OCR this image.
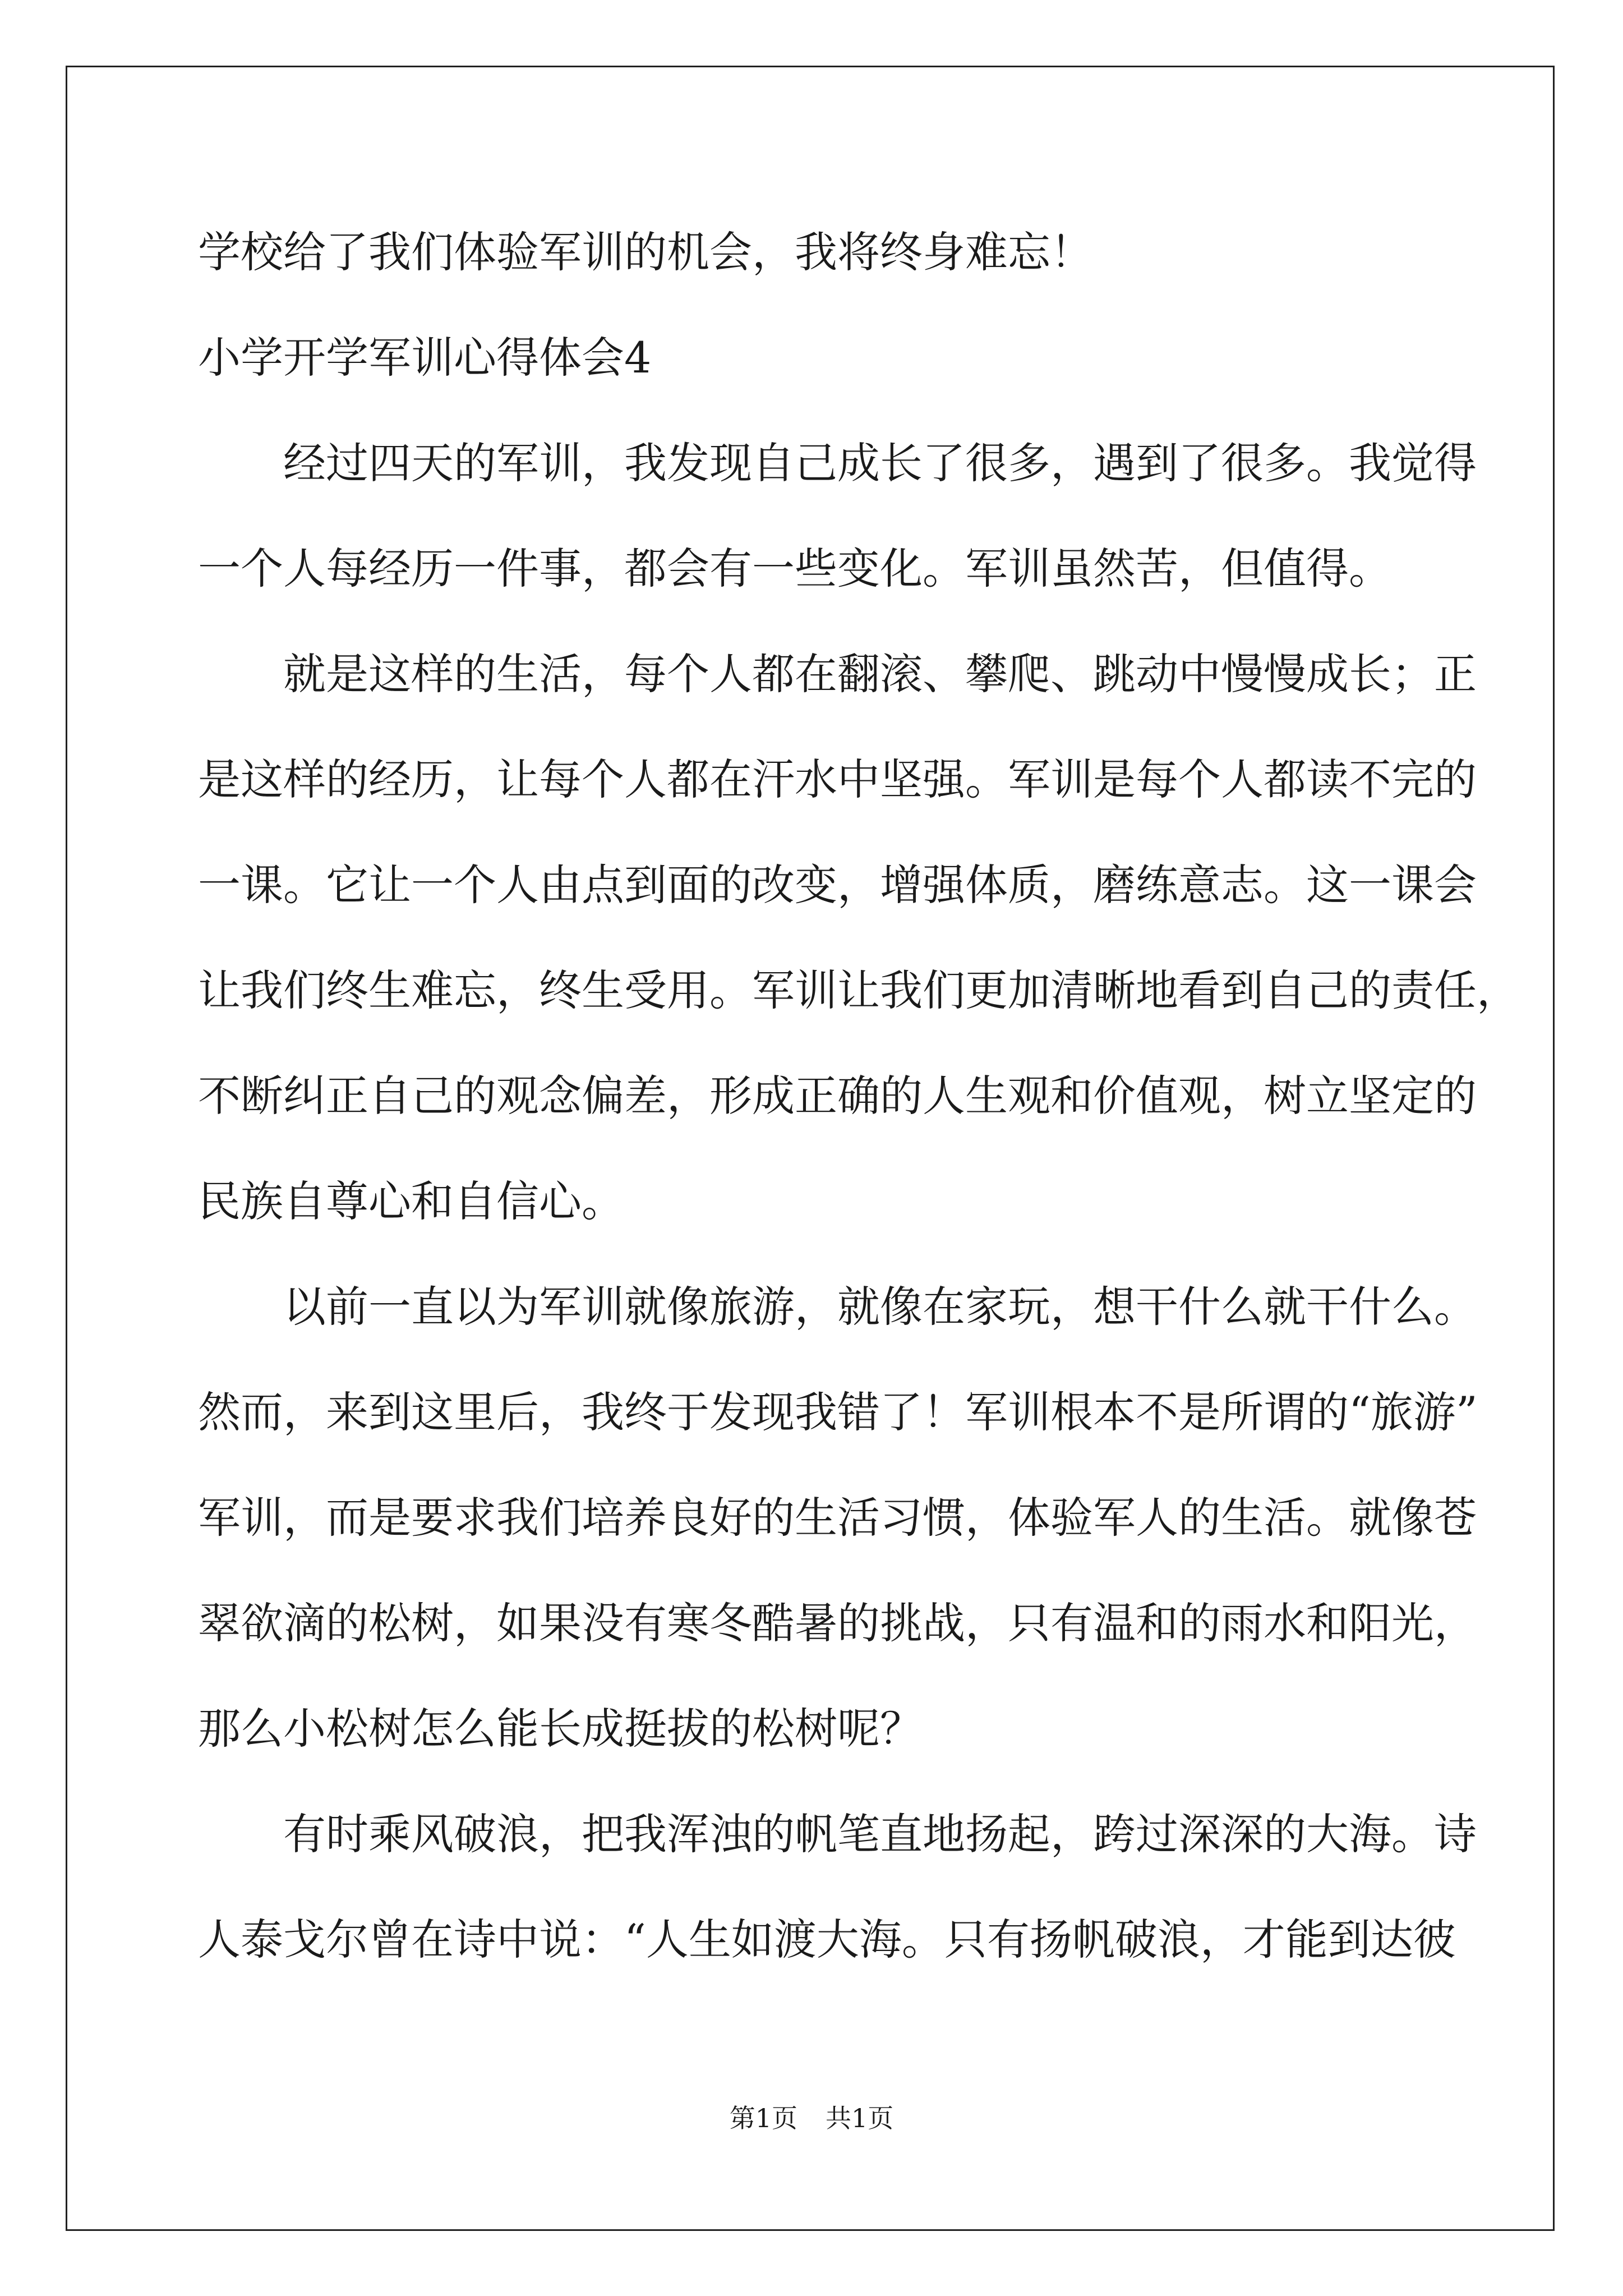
学校给了我们体验军训的机会，我将终身难忘！
小学开学军训心得体会4
经过四天的军训，我发现自己成长了很多，遇到了很多。我觉得
一个人每经历一件事，都会有一些变化。军训虽然苦，但值得。
就是这样的生活，每个人都在翻滚、攀爬、跳动中慢慢成长；正
是这样的经历，让每个人都在汗水中坚强。军训是每个人都读不完的
一课。它让一个人由点到面的改变，增强体质，磨练意志。这一课会
让我们终生难忘，终生受用。军训让我们更加清晰地看到自己的责任，
不断纠正自己的观念偏差，形成正确的人生观和价值观，树立坚定的
民族自尊心和自信心。
以前一直以为军训就像旅游，就像在家玩，想干什么就干什么。
然而，来到这里后，我终于发现我错了！军训根本不是所谓的“旅游”
军训，而是要求我们培养良好的生活习惯，体验军人的生活。就像苍
翠欲滴的松树，如果没有寒冬酷暑的挑战，只有温和的雨水和阳光，
那么小松树怎么能长成挺拔的松树呢？
有时乘风破浪，把我浑浊的帆笔直地扬起，跨过深深的大海。诗
人泰戈尔曾在诗中说：“人生如渡大海。只有扬帆破浪，才能到达彼
第1页 共1页
